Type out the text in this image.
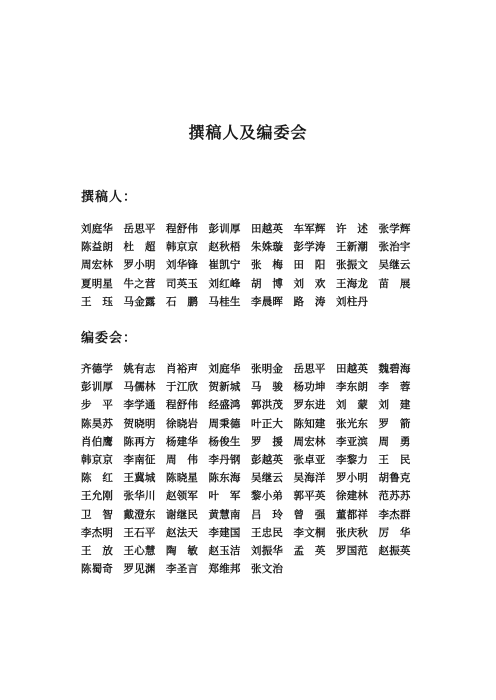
撰稿人及编委会
撰稿人：
刘庭华 岳思平 程舒伟 彭训厚 田越英 车军辉 许　述 张学辉
陈益朗 杜　超 韩京京 赵秋梧 朱姝璇 彭学涛 王新潮 张治宇
周宏林 罗小明 刘华锋 崔凯宁 张　梅 田　阳 张振文 吴继云
夏明星 牛之营 司英玉 刘红峰 胡　博 刘　欢 王海龙 苗　展
王　珏 马金露 石　鹏 马桂生 李晨晖 路　涛 刘柱丹
编委会：
齐德学 姚有志 肖裕声 刘庭华 张明金 岳思平 田越英 魏碧海
彭训厚 马儒林 于江欣 贺新城 马　骏 杨功坤 李东朗 李　蓉
步　平 李学通 程舒伟 经盛鸿 郭洪茂 罗东进 刘　蒙 刘　建
陈昊苏 贺晓明 徐晓岩 周秉德 叶正大 陈知建 张光东 罗　箭
肖伯鹰 陈再方 杨建华 杨俊生 罗　援 周宏林 李亚滨 周　勇
韩京京 李南征 周　伟 李丹钢 彭越英 张卓亚 李黎力 王　民
陈　红 王冀城 陈晓星 陈东海 吴继云 吴海洋 罗小明 胡鲁克
王允刚 张华川 赵领军 叶　军 黎小弟 郭平英 徐建林 范苏苏
卫　智 戴澄东 谢继民 黄慧南 吕　玲 曾　强 董都祥 李杰群
李杰明 王石平 赵法天 李建国 王忠民 李文桐 张庆秋 厉　华
王　放 王心慧 陶　敏 赵玉洁 刘振华 孟　英 罗国范 赵振英
陈蜀奇 罗见渊 李圣言 郑维邦 张文治
